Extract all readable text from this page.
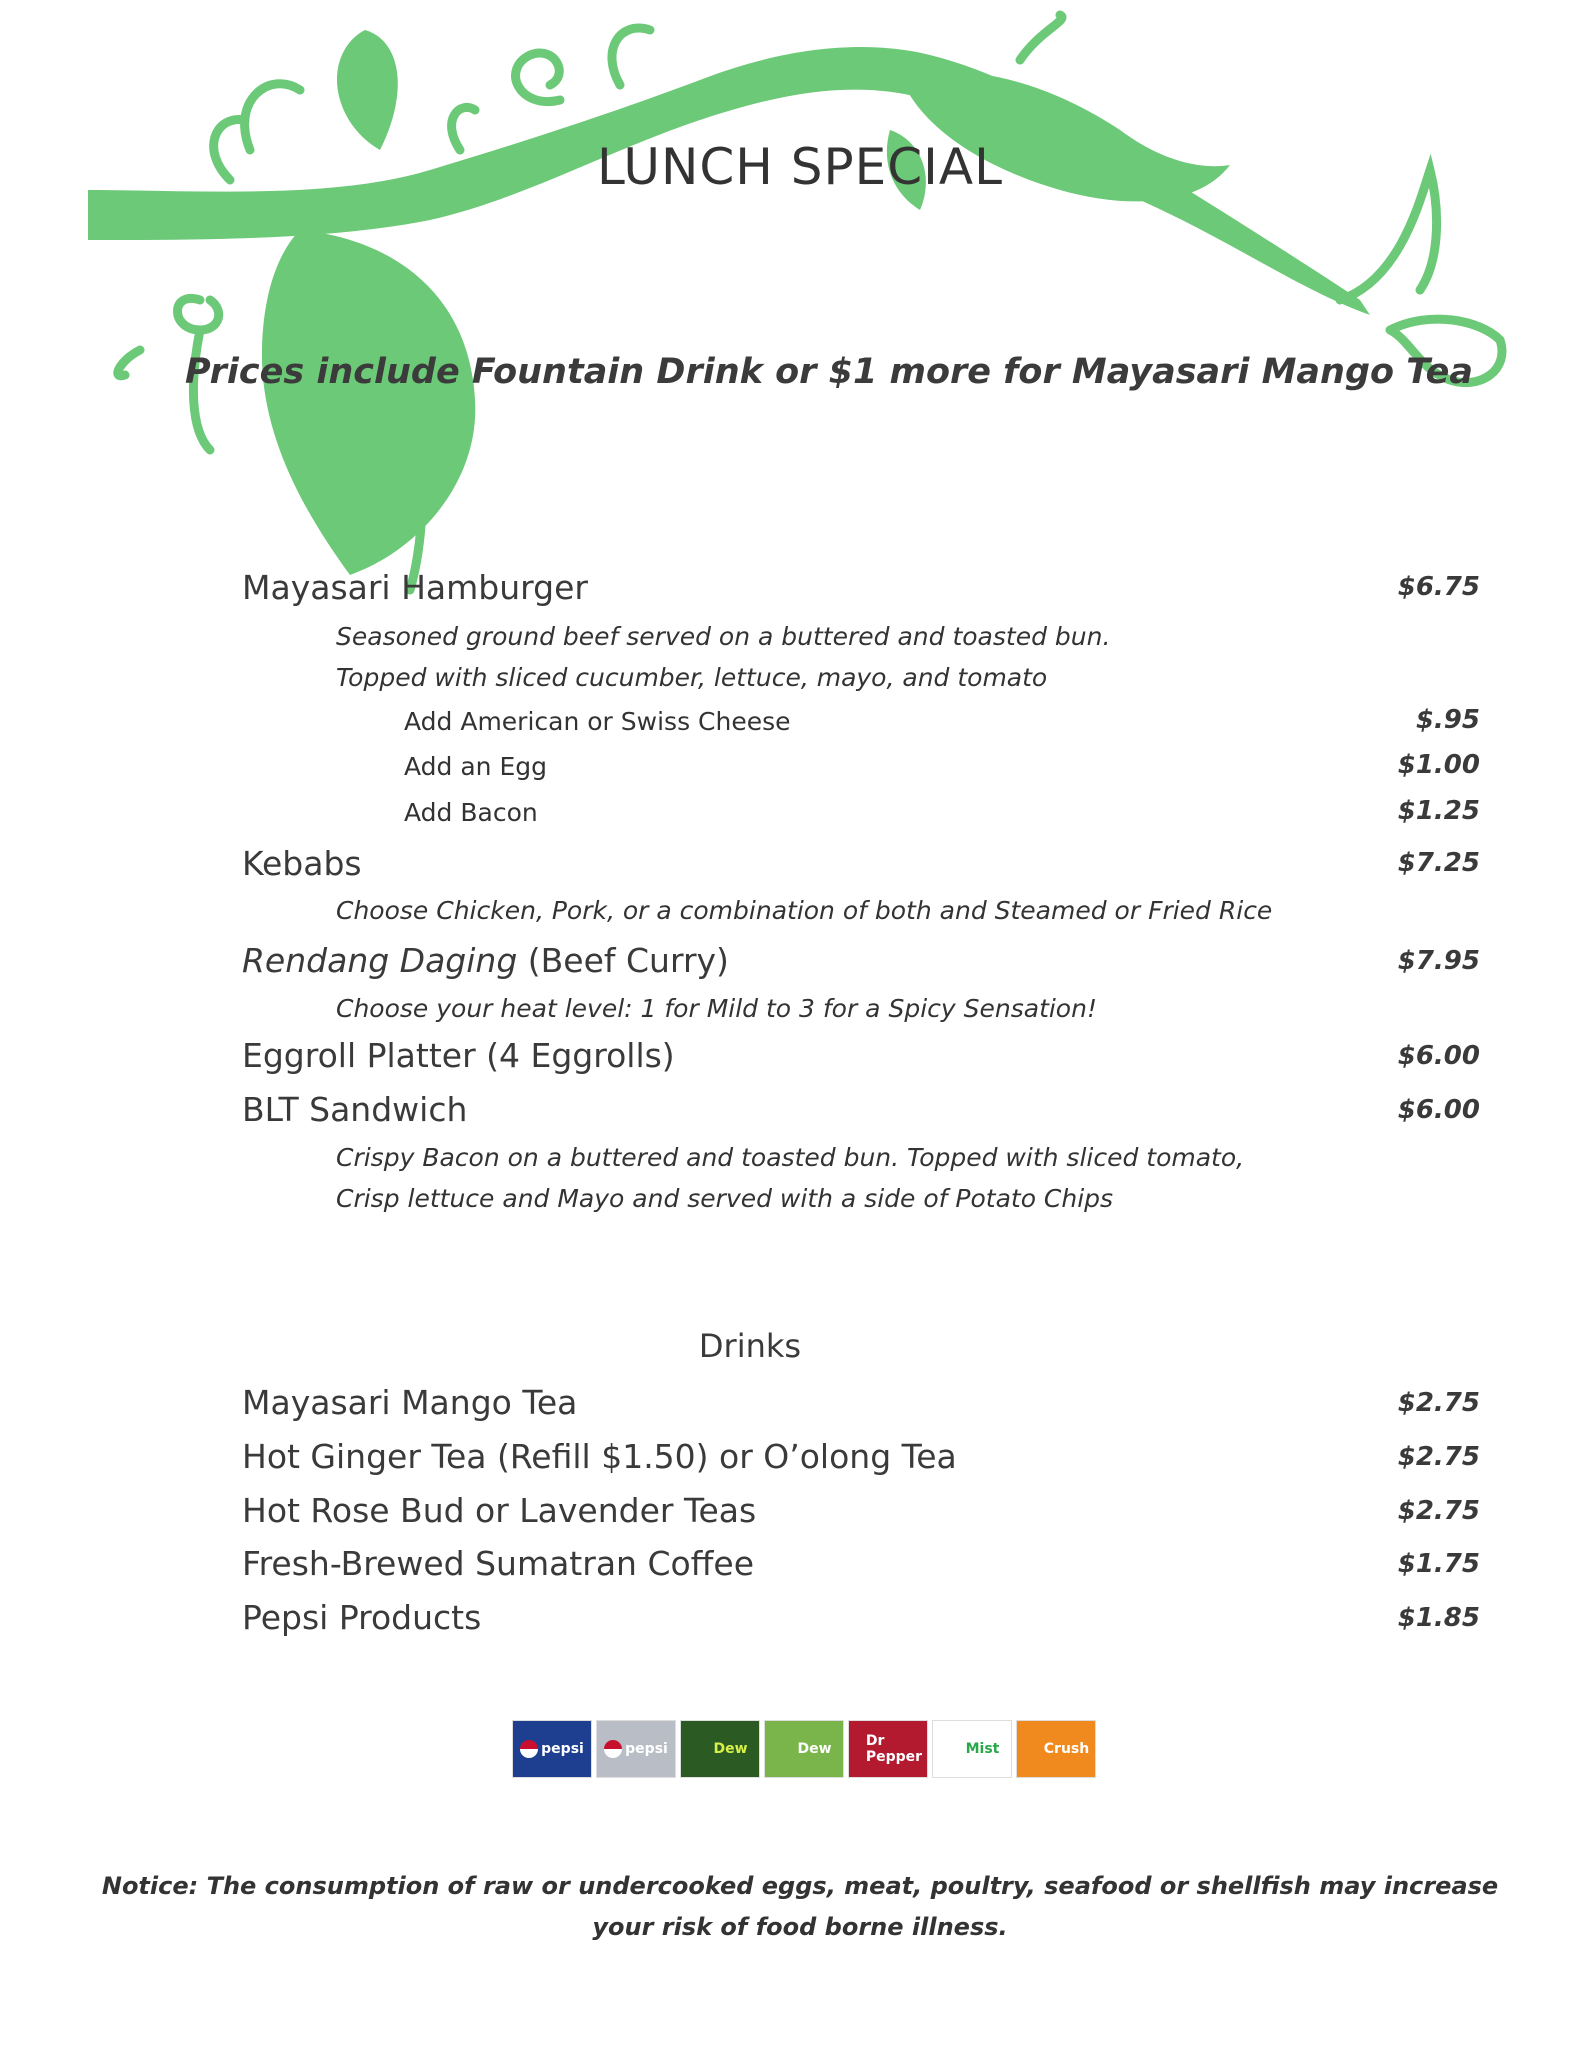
LUNCH SPECIAL
Prices include Fountain Drink or $1 more for Mayasari Mango Tea
Mayasari Hamburger	$6.75
Seasoned ground beef served on a buttered and toasted bun.
Topped with sliced cucumber, lettuce, mayo, and tomato
Add American or Swiss Cheese	$.95
Add an Egg	$1.00
Add Bacon	$1.25
Kebabs	$7.25
Choose Chicken, Pork, or a combination of both and Steamed or Fried Rice
Rendang Daging (Beef Curry)	$7.95
Choose your heat level: 1 for Mild to 3 for a Spicy Sensation!
Eggroll Platter (4 Eggrolls)	$6.00
BLT Sandwich	$6.00
Crispy Bacon on a buttered and toasted bun. Topped with sliced tomato,
Crisp lettuce and Mayo and served with a side of Potato Chips
Drinks
Mayasari Mango Tea	$2.75
Hot Ginger Tea (Refill $1.50) or O’olong Tea	$2.75
Hot Rose Bud or Lavender Teas	$2.75
Fresh-Brewed Sumatran Coffee	$1.75
Pepsi Products	$1.85
pepsi	pepsi	Dew	Dew	Dr Pepper	Mist	Crush
Notice: The consumption of raw or undercooked eggs, meat, poultry, seafood or shellfish may increase
your risk of food borne illness.
